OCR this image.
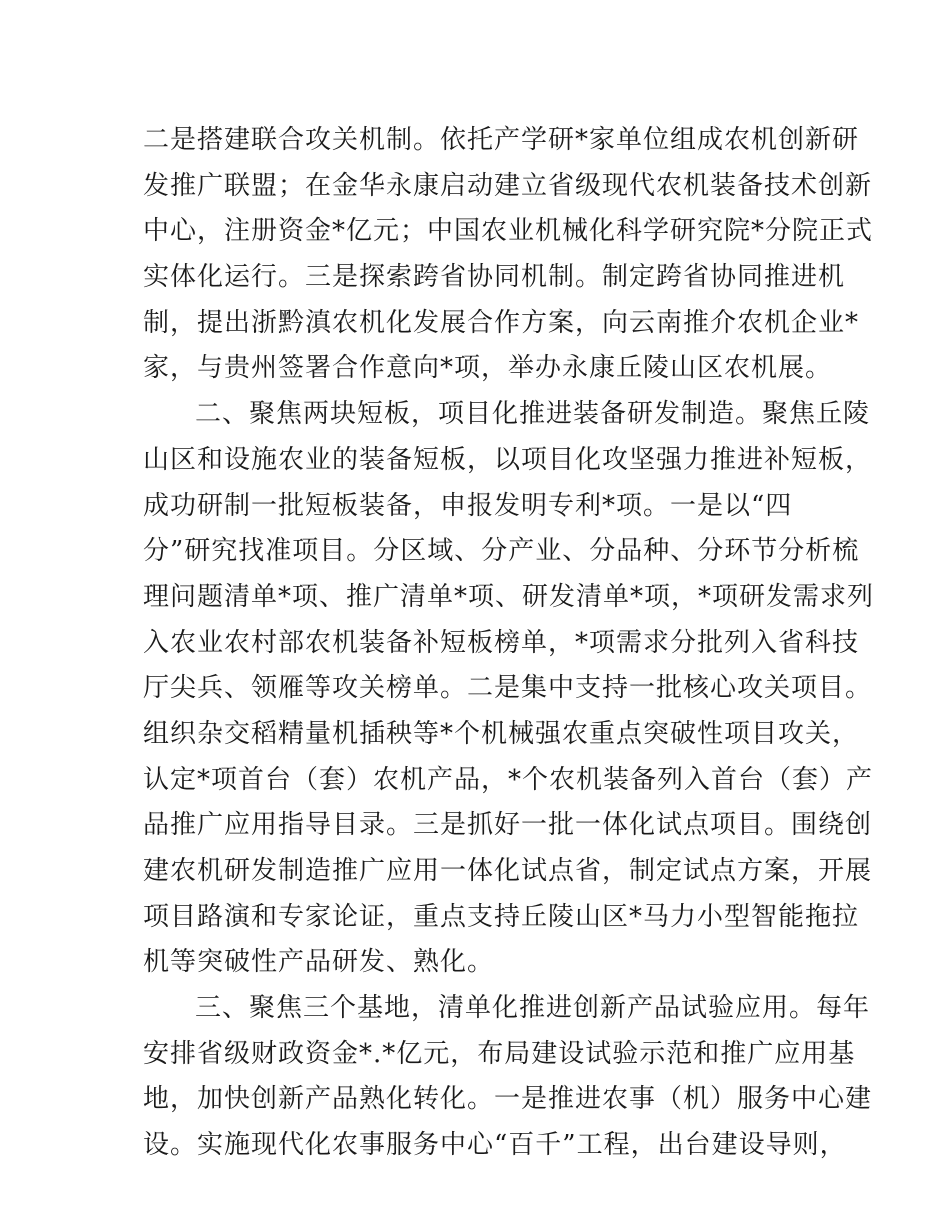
二是搭建联合攻关机制。依托产学研*家单位组成农机创新研
发推广联盟；在金华永康启动建立省级现代农机装备技术创新
中心，注册资金*亿元；中国农业机械化科学研究院*分院正式
实体化运行。三是探索跨省协同机制。制定跨省协同推进机
制，提出浙黔滇农机化发展合作方案，向云南推介农机企业*
家，与贵州签署合作意向*项，举办永康丘陵山区农机展。
二、聚焦两块短板，项目化推进装备研发制造。聚焦丘陵
山区和设施农业的装备短板，以项目化攻坚强力推进补短板，
成功研制一批短板装备，申报发明专利*项。一是以“四
分”研究找准项目。分区域、分产业、分品种、分环节分析梳
理问题清单*项、推广清单*项、研发清单*项，*项研发需求列
入农业农村部农机装备补短板榜单，*项需求分批列入省科技
厅尖兵、领雁等攻关榜单。二是集中支持一批核心攻关项目。
组织杂交稻精量机插秧等*个机械强农重点突破性项目攻关，
认定*项首台（套）农机产品，*个农机装备列入首台（套）产
品推广应用指导目录。三是抓好一批一体化试点项目。围绕创
建农机研发制造推广应用一体化试点省，制定试点方案，开展
项目路演和专家论证，重点支持丘陵山区*马力小型智能拖拉
机等突破性产品研发、熟化。
三、聚焦三个基地，清单化推进创新产品试验应用。每年
安排省级财政资金*.*亿元，布局建设试验示范和推广应用基
地，加快创新产品熟化转化。一是推进农事（机）服务中心建
设。实施现代化农事服务中心“百千”工程，出台建设导则，
